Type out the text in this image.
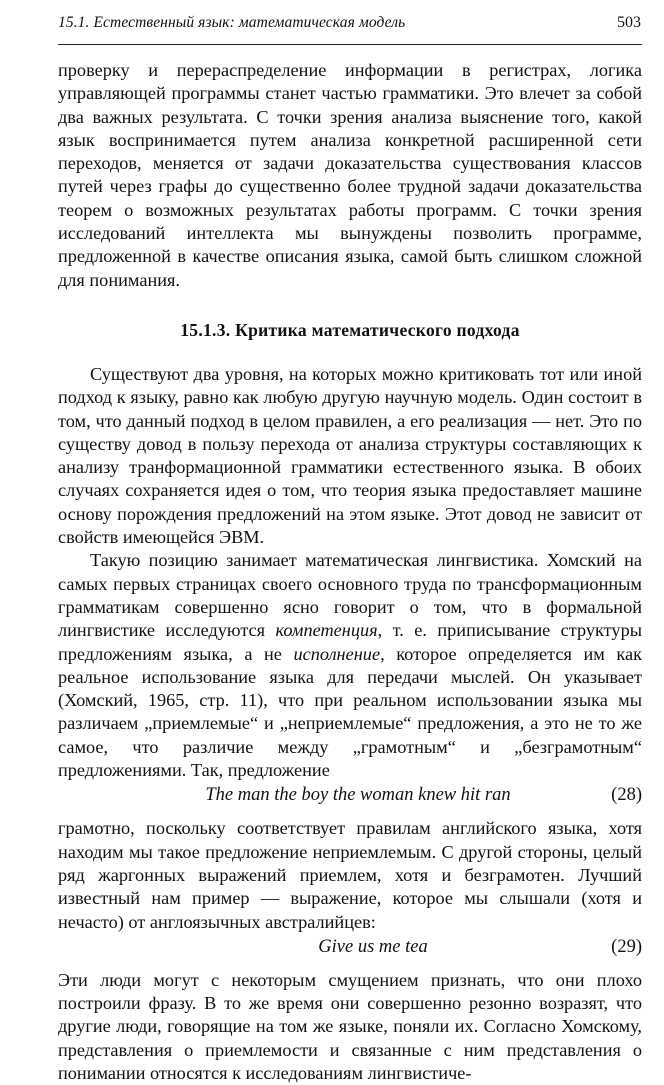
15.1. Естественный язык: математическая модель	503

проверку и перераспределение информации в регистрах, логика управляющей программы станет частью грамматики. Это влечет за собой два важных результата. С точки зрения анализа выяснение того, какой язык воспринимается путем анализа конкретной расширенной сети переходов, меняется от задачи доказательства существования классов путей через графы до существенно более трудной задачи доказательства теорем о возможных результатах работы программ. С точки зрения исследований интеллекта мы вынуждены позволить программе, предложенной в качестве описания языка, самой быть слишком сложной для понимания.

15.1.3. Критика математического подхода

Существуют два уровня, на которых можно критиковать тот или иной подход к языку, равно как любую другую научную модель. Один состоит в том, что данный подход в целом правилен, а его реализация — нет. Это по существу довод в пользу перехода от анализа структуры составляющих к анализу транформационной грамматики естественного языка. В обоих случаях сохраняется идея о том, что теория языка предоставляет машине основу порождения предложений на этом языке. Этот довод не зависит от свойств имеющейся ЭВМ.

Такую позицию занимает математическая лингвистика. Хомский на самых первых страницах своего основного труда по трансформационным грамматикам совершенно ясно говорит о том, что в формальной лингвистике исследуются компетенция, т. е. приписывание структуры предложениям языка, а не исполнение, которое определяется им как реальное использование языка для передачи мыслей. Он указывает (Хомский, 1965, стр. 11), что при реальном использовании языка мы различаем „приемлемые“ и „неприемлемые“ предложения, а это не то же самое, что различие между „грамотным“ и „безграмотным“ предложениями. Так, предложение

The man the boy the woman knew hit ran	(28)

грамотно, поскольку соответствует правилам английского языка, хотя находим мы такое предложение неприемлемым. С другой стороны, целый ряд жаргонных выражений приемлем, хотя и безграмотен. Лучший известный нам пример — выражение, которое мы слышали (хотя и нечасто) от англоязычных австралийцев:

Give us me tea	(29)

Эти люди могут с некоторым смущением признать, что они плохо построили фразу. В то же время они совершенно резонно возразят, что другие люди, говорящие на том же языке, поняли их. Согласно Хомскому, представления о приемлемости и связанные с ним представления о понимании относятся к исследованиям лингвистиче-
